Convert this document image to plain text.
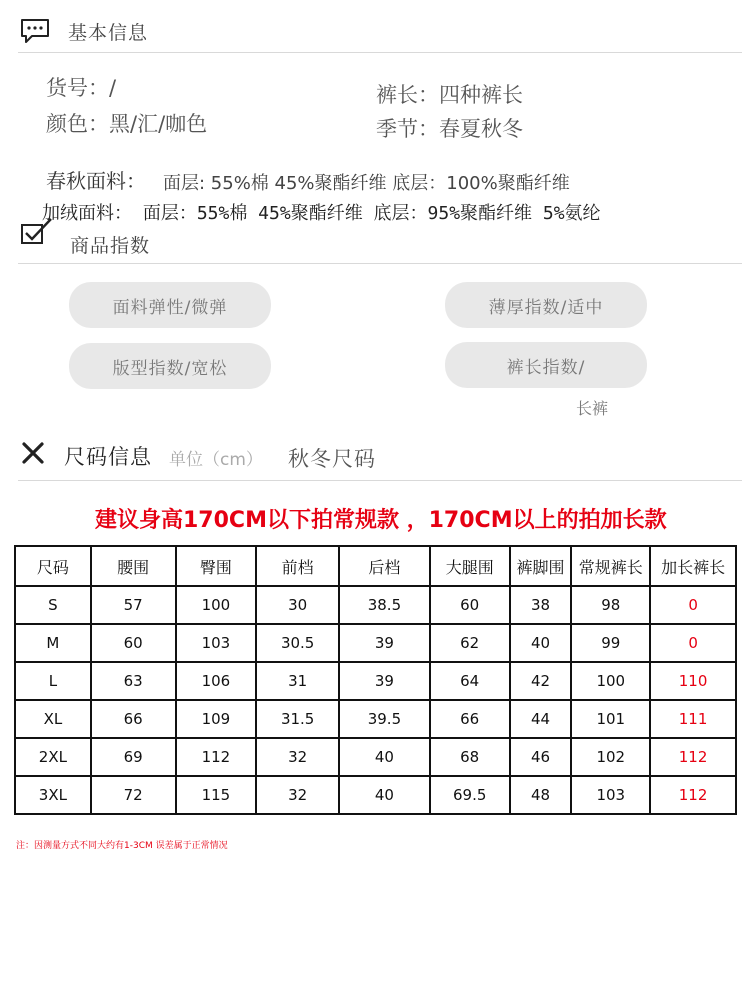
基本信息
货号：/
颜色：黑/汇/咖色
裤长：四种裤长
季节：春夏秋冬
春秋面料： 面层: 55%棉 45%聚酯纤维 底层：100%聚酯纤维
加绒面料： 面层：55%棉 45%聚酯纤维 底层：95%聚酯纤维 5%氨纶
商品指数
面料弹性/微弹	薄厚指数/适中
版型指数/宽松	裤长指数/
长裤
尺码信息 单位（cm） 秋冬尺码
建议身高170CM以下拍常规款 ，170CM以上的拍加长款
尺码	腰围	臀围	前档	后档	大腿围	裤脚围	常规裤长	加长裤长
S	57	100	30	38.5	60	38	98	0
M	60	103	30.5	39	62	40	99	0
L	63	106	31	39	64	42	100	110
XL	66	109	31.5	39.5	66	44	101	111
2XL	69	112	32	40	68	46	102	112
3XL	72	115	32	40	69.5	48	103	112
注：因测量方式不同大约有1-3CM 误差属于正常情况
